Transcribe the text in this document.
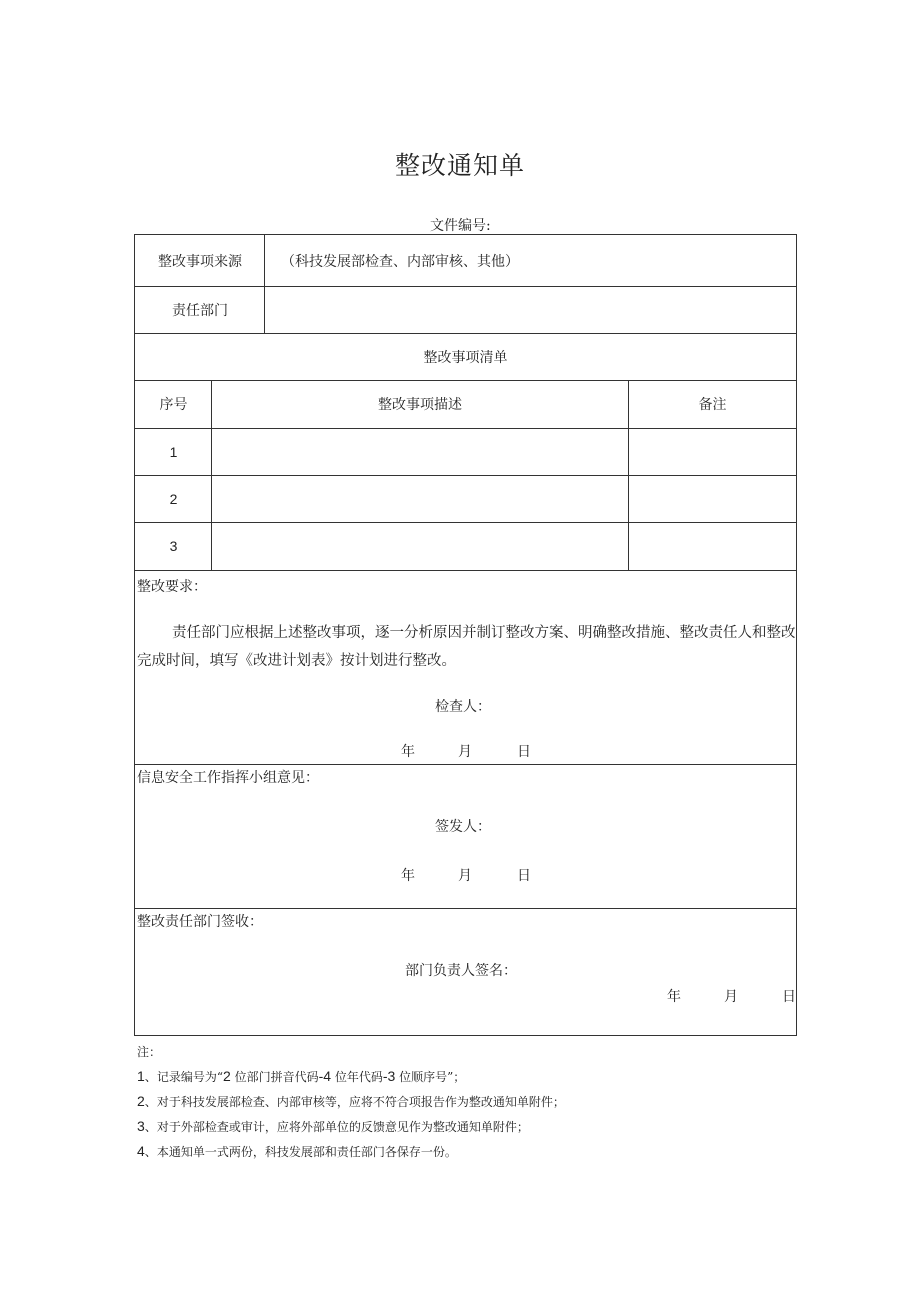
整改通知单
文件编号:
整改事项来源	（科技发展部检查、内部审核、其他）
责任部门
整改事项清单
序号	整改事项描述	备注
1
2
3
整改要求：
责任部门应根据上述整改事项，逐一分析原因并制订整改方案、明确整改措施、整改责任人和整改完成时间，填写《改进计划表》按计划进行整改。
检查人：
年	月	日
信息安全工作指挥小组意见：
签发人：
年	月	日
整改责任部门签收：
部门负责人签名：
年	月	日
注：
1、记录编号为“2 位部门拼音代码-4 位年代码-3 位顺序号”；
2、对于科技发展部检查、内部审核等，应将不符合项报告作为整改通知单附件；
3、对于外部检查或审计，应将外部单位的反馈意见作为整改通知单附件；
4、本通知单一式两份，科技发展部和责任部门各保存一份。
